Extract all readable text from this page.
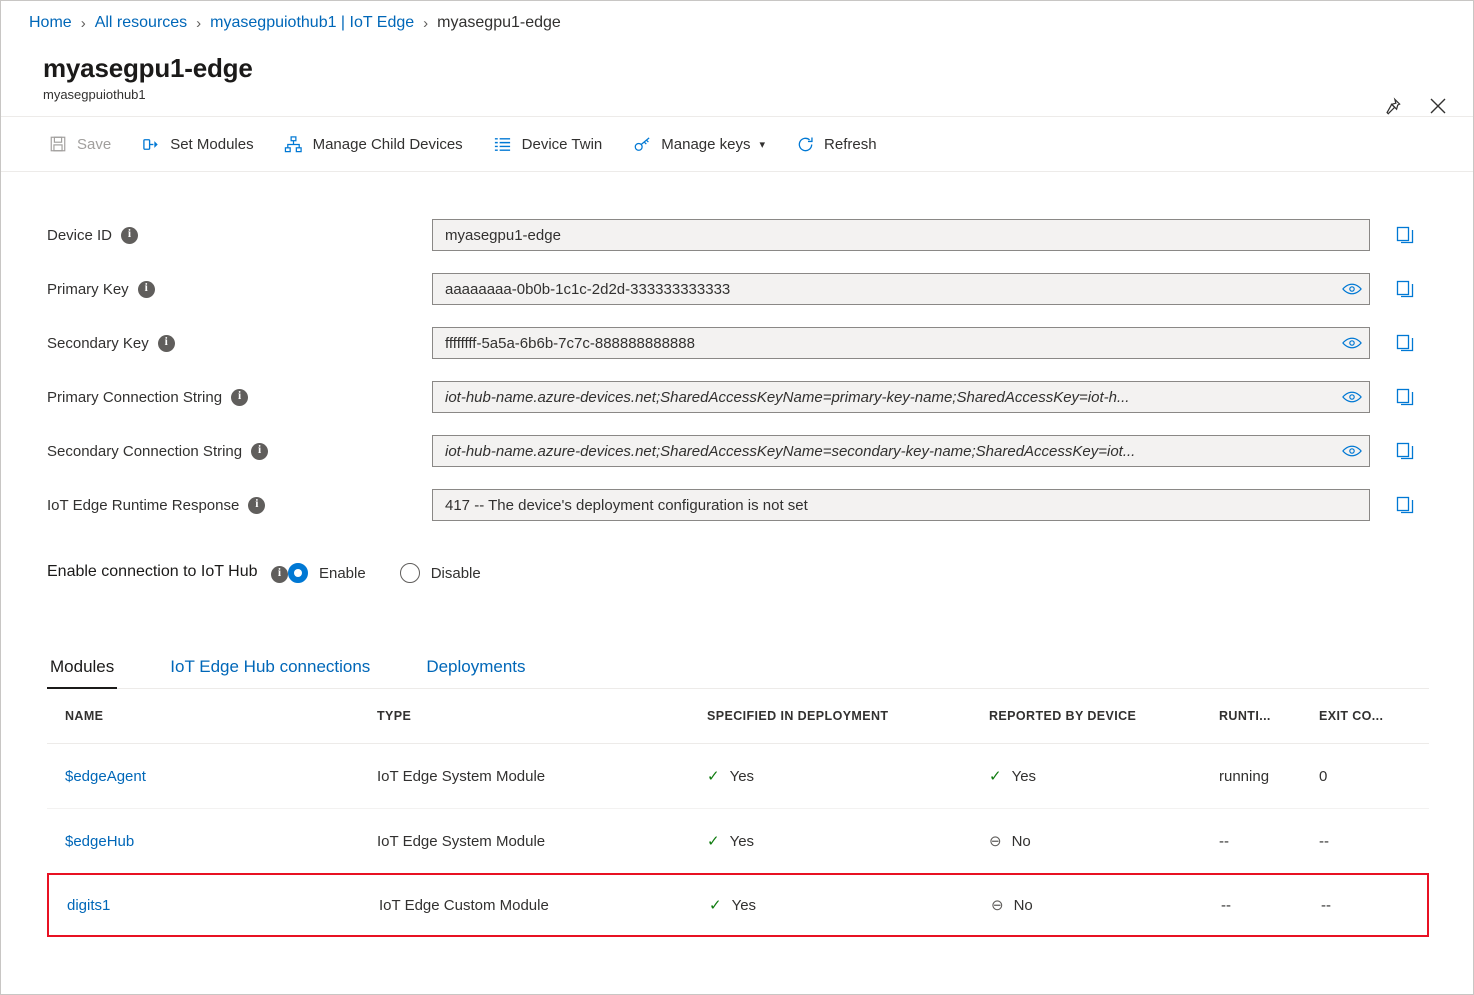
Home › All resources › myasegpuiothub1 | IoT Edge › myasegpu1-edge
myasegpu1-edge
myasegpuiothub1
Save	Set Modules	Manage Child Devices	Device Twin	Manage keys ▾	Refresh
Device ID	i	myasegpu1-edge
Primary Key	i	aaaaaaaa-0b0b-1c1c-2d2d-333333333333
Secondary Key	i	ffffffff-5a5a-6b6b-7c7c-888888888888
Primary Connection String	i	iot-hub-name.azure-devices.net;SharedAccessKeyName=primary-key-name;SharedAccessKey=iot-h...
Secondary Connection String	i	iot-hub-name.azure-devices.net;SharedAccessKeyName=secondary-key-name;SharedAccessKey=iot...
IoT Edge Runtime Response	i	417 -- The device's deployment configuration is not set
Enable connection to IoT Hub i	Enable	Disable
Modules	IoT Edge Hub connections	Deployments
NAME	TYPE	SPECIFIED IN DEPLOYMENT	REPORTED BY DEVICE	RUNTI...	EXIT CO...
$edgeAgent	IoT Edge System Module	✓ Yes	✓ Yes	running	0
$edgeHub	IoT Edge System Module	✓ Yes	⊖ No	--	--
digits1	IoT Edge Custom Module	✓ Yes	⊖ No	--	--
